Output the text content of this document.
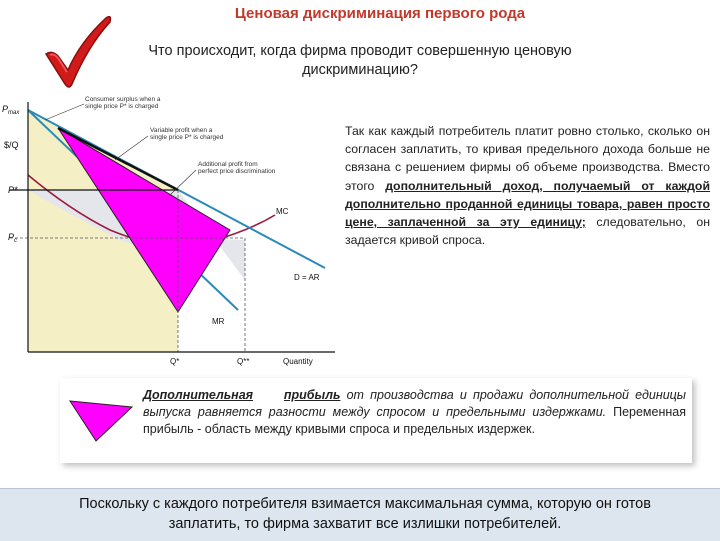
Ценовая дискриминация первого рода
Что происходит, когда фирма проводит совершенную ценовую дискриминацию?
$P_{max}$
$/Q
P*
$P_c$
Q*	Q**	Quantity
MC
D = AR
MR
Consumer surplus when a
single price P* is charged
Variable profit when a
single price P* is charged
Additional profit from
perfect price discrimination
Так как каждый потребитель платит ровно столько, сколько он согласен заплатить, то кривая предельного дохода больше не связана с решением фирмы об объеме производства. Вместо этого дополнительный доход, получаемый от каждой дополнительно проданной единицы товара, равен просто цене, заплаченной за эту единицу; следовательно, он задается кривой спроса.
Дополнительная прибыль от производства и продажи дополнительной единицы выпуска равняется разности между спросом и предельными издержками. Переменная прибыль - область между кривыми спроса и предельных издержек.
Поскольку с каждого потребителя взимается максимальная сумма, которую он готов заплатить, то фирма захватит все излишки потребителей.
